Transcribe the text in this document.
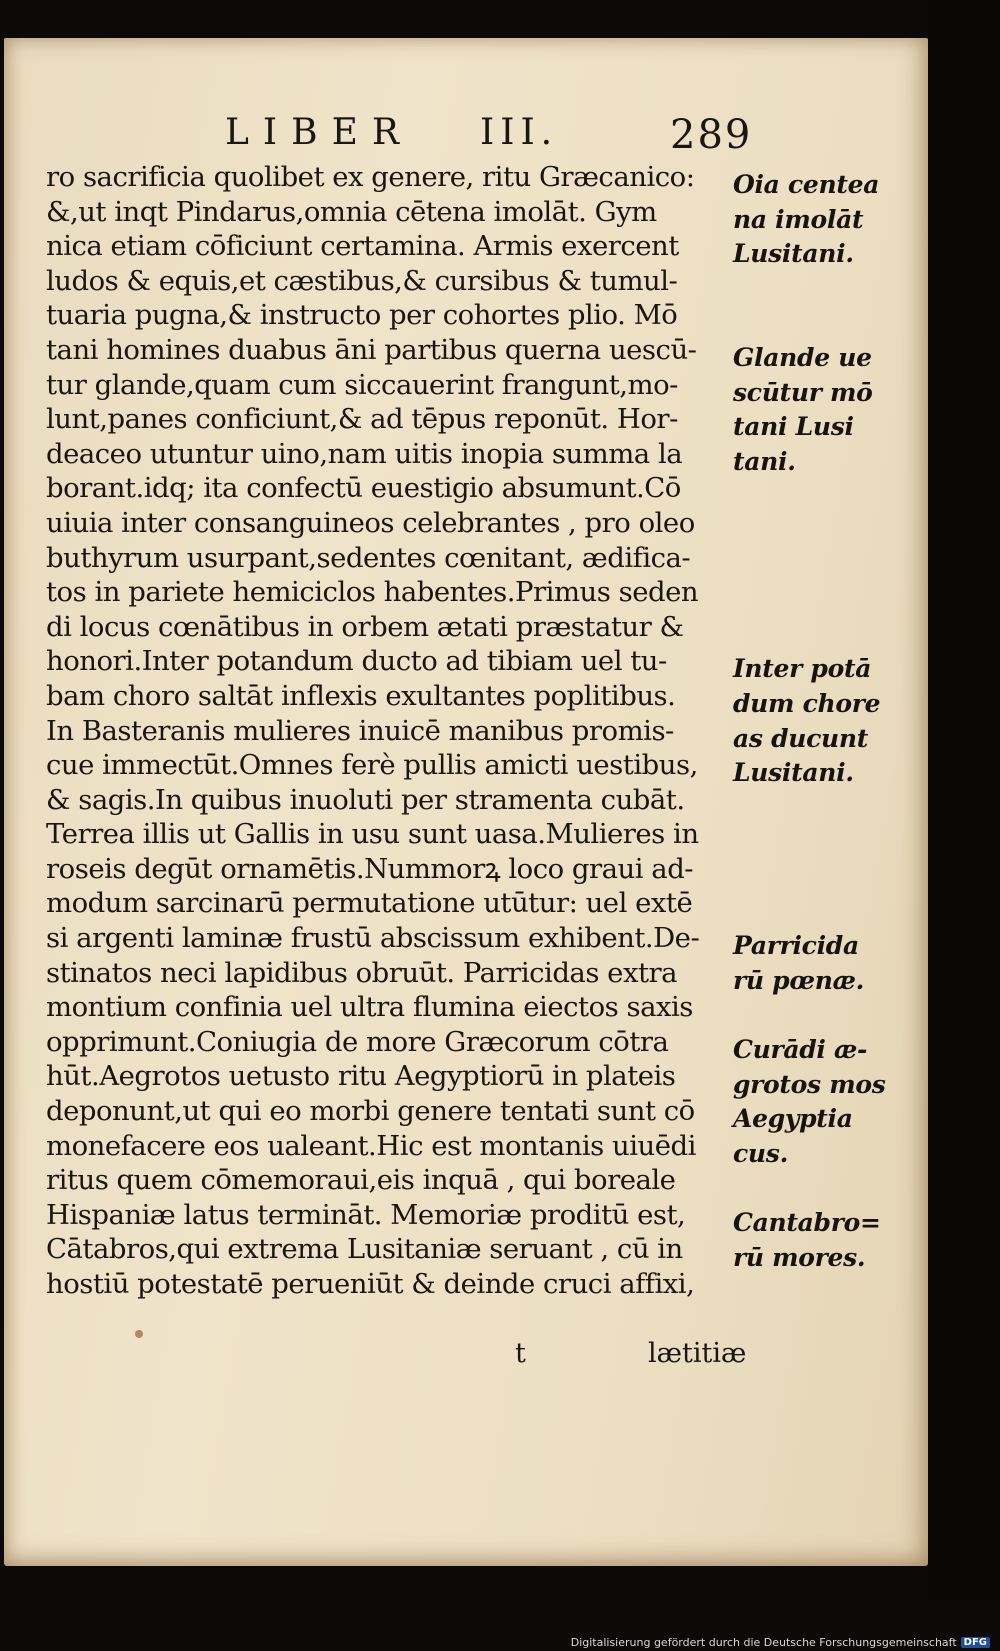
LIBER III.	289
ro sacrificia quolibet ex genere, ritu Græcanico:
&,ut inqt Pindarus,omnia cētena imolāt. Gym
nica etiam cōficiunt certamina. Armis exercent
ludos & equis,et cæstibus,& cursibus & tumul-
tuaria pugna,& instructo per cohortes plio. Mō
tani homines duabus āni partibus querna uescū-
tur glande,quam cum siccauerint frangunt,mo-
lunt,panes conficiunt,& ad tēpus reponūt. Hor-
deaceo utuntur uino,nam uitis inopia summa la
borant.idq; ita confectū euestigio absumunt.Cō
uiuia inter consanguineos celebrantes , pro oleo
buthyrum usurpant,sedentes cœnitant, ædifica-
tos in pariete hemiciclos habentes.Primus seden
di locus cœnātibus in orbem ætati præstatur &
honori.Inter potandum ducto ad tibiam uel tu-
bam choro saltāt inflexis exultantes poplitibus.
In Basteranis mulieres inuicē manibus promis-
cue immectūt.Omnes ferè pullis amicti uestibus,
& sagis.In quibus inuoluti per stramenta cubāt.
Terrea illis ut Gallis in usu sunt uasa.Mulieres in
roseis degūt ornamētis.Nummorꝝ loco graui ad-
modum sarcinarū permutatione utūtur: uel extē
si argenti laminæ frustū abscissum exhibent.De-
stinatos neci lapidibus obruūt. Parricidas extra
montium confinia uel ultra flumina eiectos saxis
opprimunt.Coniugia de more Græcorum cōtra
hūt.Aegrotos uetusto ritu Aegyptiorū in plateis
deponunt,ut qui eo morbi genere tentati sunt cō
monefacere eos ualeant.Hic est montanis uiuēdi
ritus quem cōmemoraui,eis inquā , qui boreale
Hispaniæ latus termināt. Memoriæ proditū est,
Cātabros,qui extrema Lusitaniæ seruant , cū in
hostiū potestatē perueniūt & deinde cruci affixi,
Oiа centeа
na imolāt
Lusitani.
Glande ue
scūtur mō
tani Lusi
tani.
Inter potā
dum chore
as ducunt
Lusitani.
Parricida
rū pœnæ.
Curādi æ-
grotos mos
Aegyptia
cus.
Cantabro=
rū mores.
t	lætitiæ
Digitalisierung gefördert durch die Deutsche Forschungsgemeinschaft DFG
